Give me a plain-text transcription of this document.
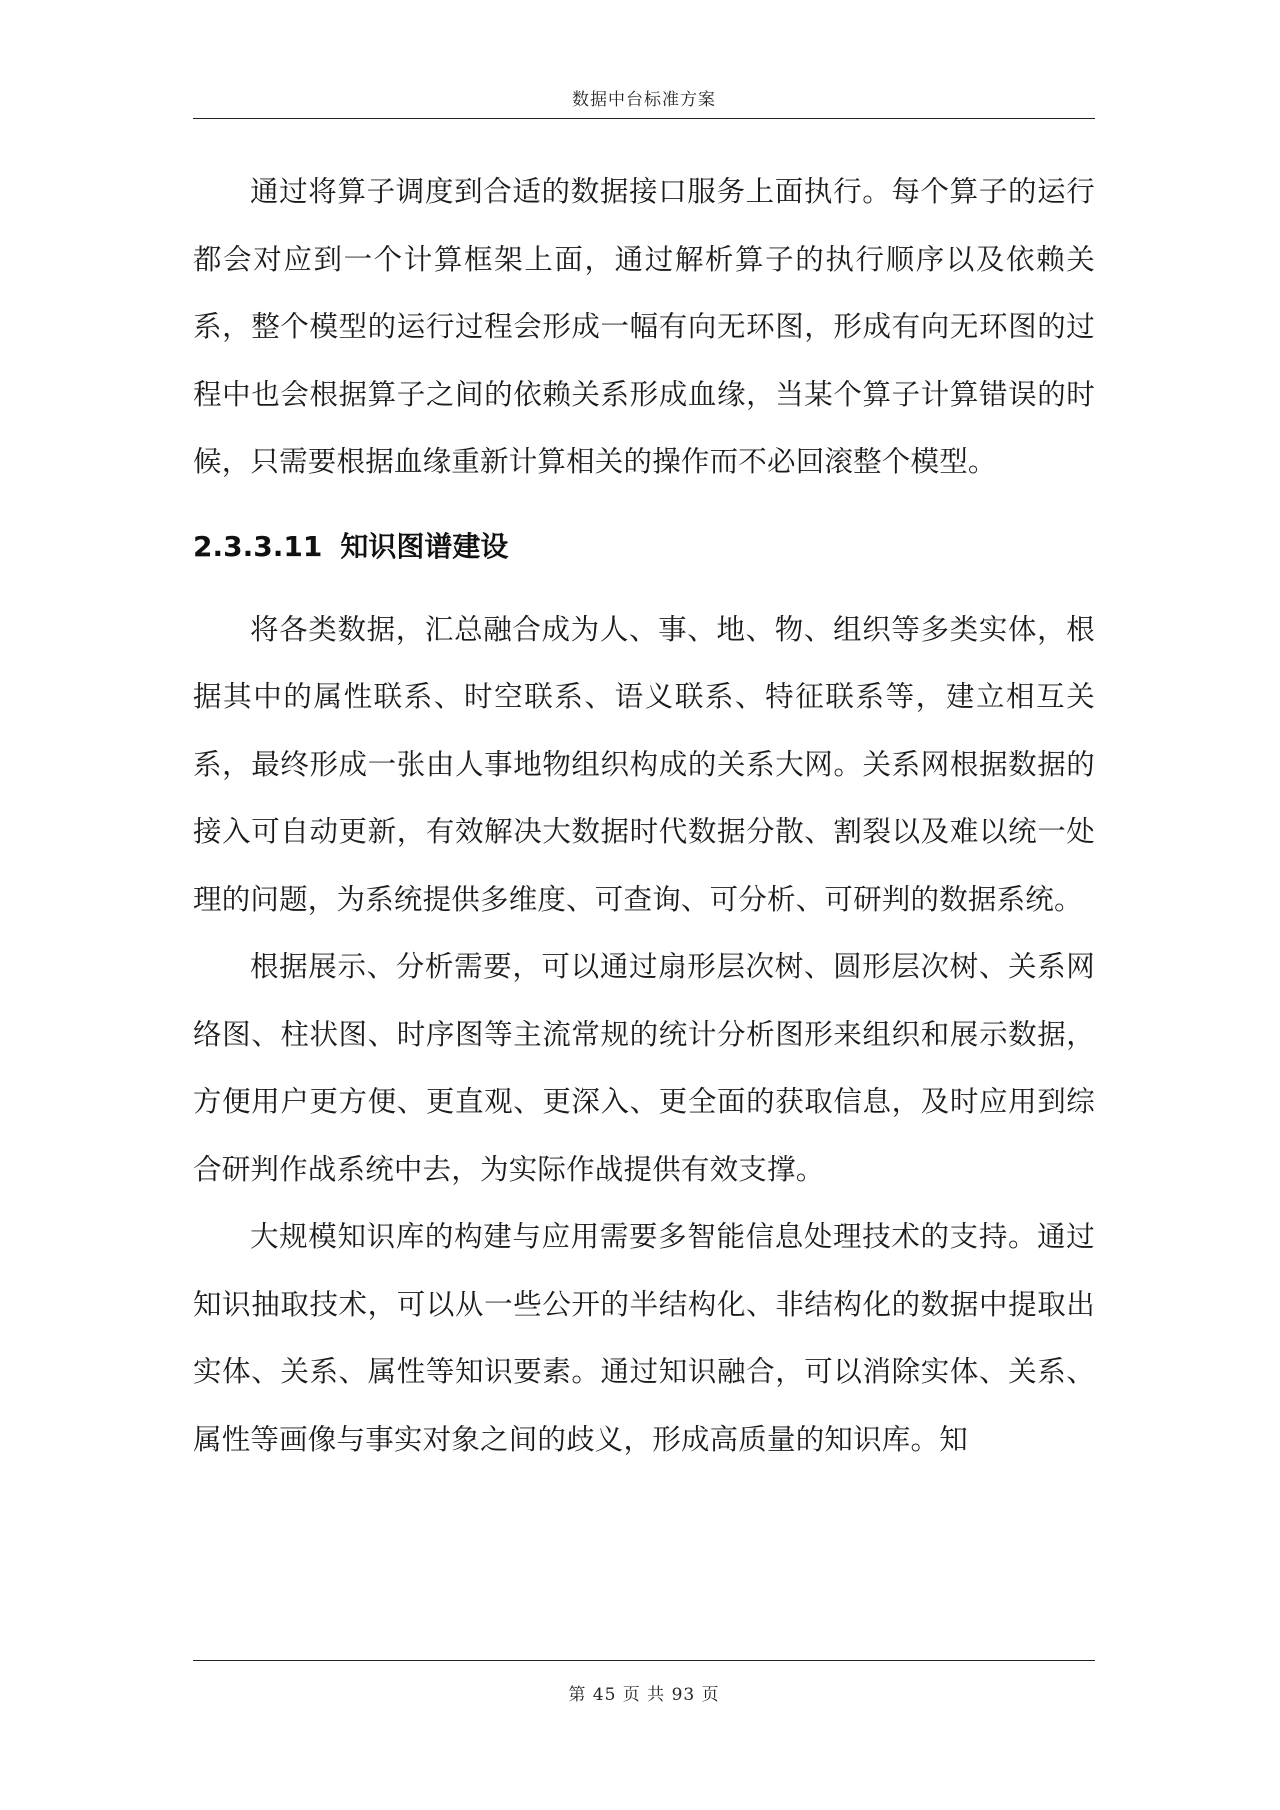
数据中台标准方案

通过将算子调度到合适的数据接口服务上面执行。每个算子的运行都会对应到一个计算框架上面，通过解析算子的执行顺序以及依赖关系，整个模型的运行过程会形成一幅有向无环图，形成有向无环图的过程中也会根据算子之间的依赖关系形成血缘，当某个算子计算错误的时候，只需要根据血缘重新计算相关的操作而不必回滚整个模型。

2.3.3.11 知识图谱建设

将各类数据，汇总融合成为人、事、地、物、组织等多类实体，根据其中的属性联系、时空联系、语义联系、特征联系等，建立相互关系，最终形成一张由人事地物组织构成的关系大网。关系网根据数据的接入可自动更新，有效解决大数据时代数据分散、割裂以及难以统一处理的问题，为系统提供多维度、可查询、可分析、可研判的数据系统。

根据展示、分析需要，可以通过扇形层次树、圆形层次树、关系网络图、柱状图、时序图等主流常规的统计分析图形来组织和展示数据，方便用户更方便、更直观、更深入、更全面的获取信息，及时应用到综合研判作战系统中去，为实际作战提供有效支撑。

大规模知识库的构建与应用需要多智能信息处理技术的支持。通过知识抽取技术，可以从一些公开的半结构化、非结构化的数据中提取出实体、关系、属性等知识要素。通过知识融合，可以消除实体、关系、属性等画像与事实对象之间的歧义，形成高质量的知识库。知

第 45 页 共 93 页
